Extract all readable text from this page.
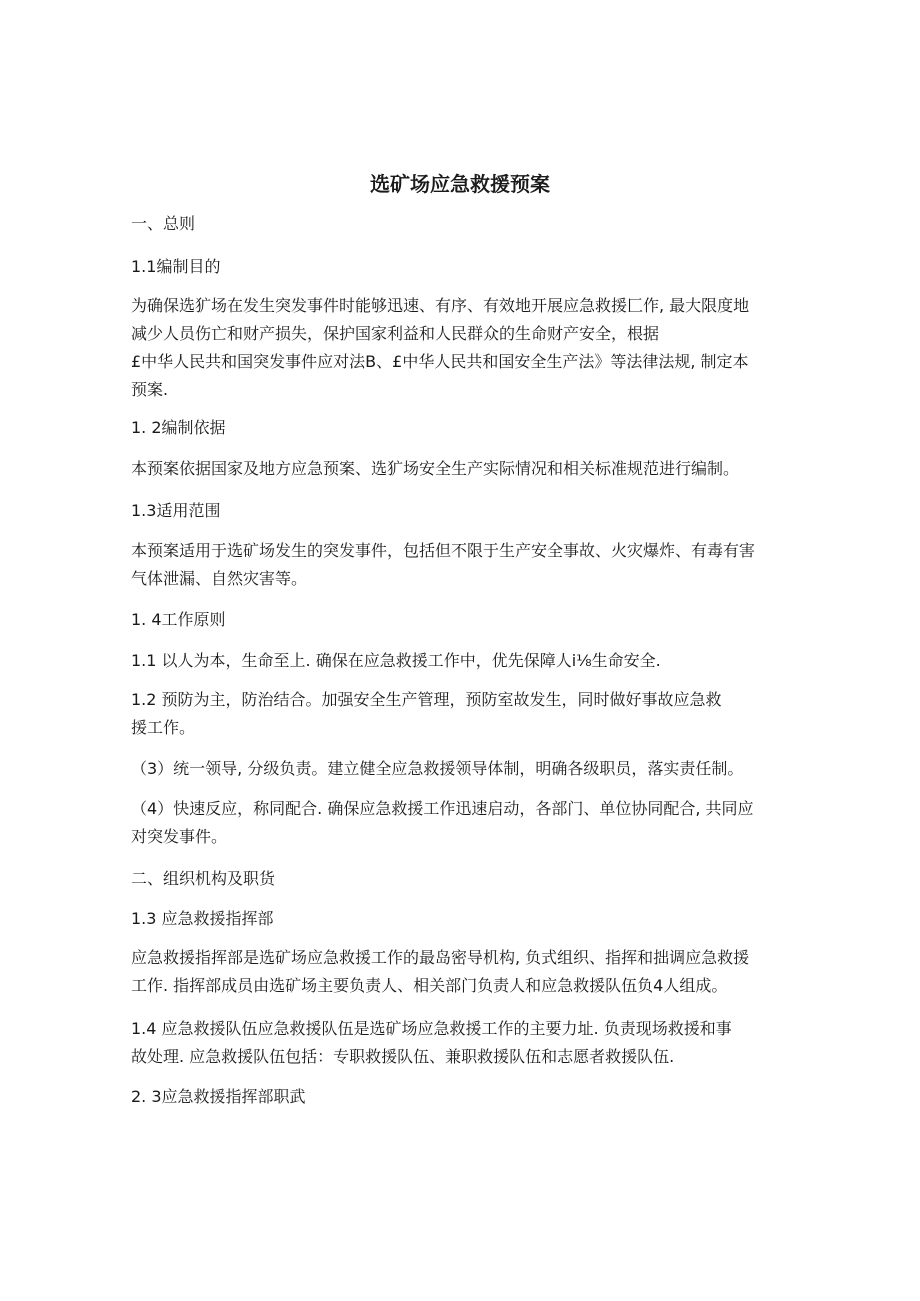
选矿场应急救援预案

一、总则

1.1编制目的

为确保选犷场在发生突发事件时能够迅速、有序、有效地开展应急救援匚作, 最大限度地
减少人员伤亡和财产损失，保护国家利益和人民群众的生命财产安全，根据
£中华人民共和国突发事件应对法B、£中华人民共和国安全生产法》等法律法规, 制定本
预案.

1. 2编制依据

本预案依据国家及地方应急预案、选犷场安全生产实际情况和相关标准规范进行编制。

1.3适用范围

本预案适用于选矿场发生的突发事件，包括但不限于生产安全事故、火灾爆炸、有毒有害
气体泄漏、自然灾害等。

1. 4工作原则

1.1 以人为本，生命至上. 确保在应急救援工作中，优先保障人i⅛生命安全.

1.2 预防为主，防治结合。加强安全生产管理，预防室故发生，同时做好事故应急救
援工作。

（3）统一领导, 分级负责。建立健全应急救援领导体制，明确各级职员，落实责任制。

（4）快速反应，称同配合. 确保应急救援工作迅速启动，各部门、单位协同配合, 共同应
对突发事件。

二、组织机构及职货

1.3 应急救援指挥部

应急救援指挥部是选矿场应急救援工作的最岛密导机构, 负式组织、指挥和拙调应急救援
工作. 指挥部成员由选矿场主要负责人、相关部门负责人和应急救援队伍负4人组成。
1.4 应急救援队伍应急救援队伍是选矿场应急救援工作的主要力址. 负责现场救援和事
故处理. 应急救援队伍包括：专职救援队伍、兼职救援队伍和志愿者救援队伍.

2. 3应急救援指挥部职武
